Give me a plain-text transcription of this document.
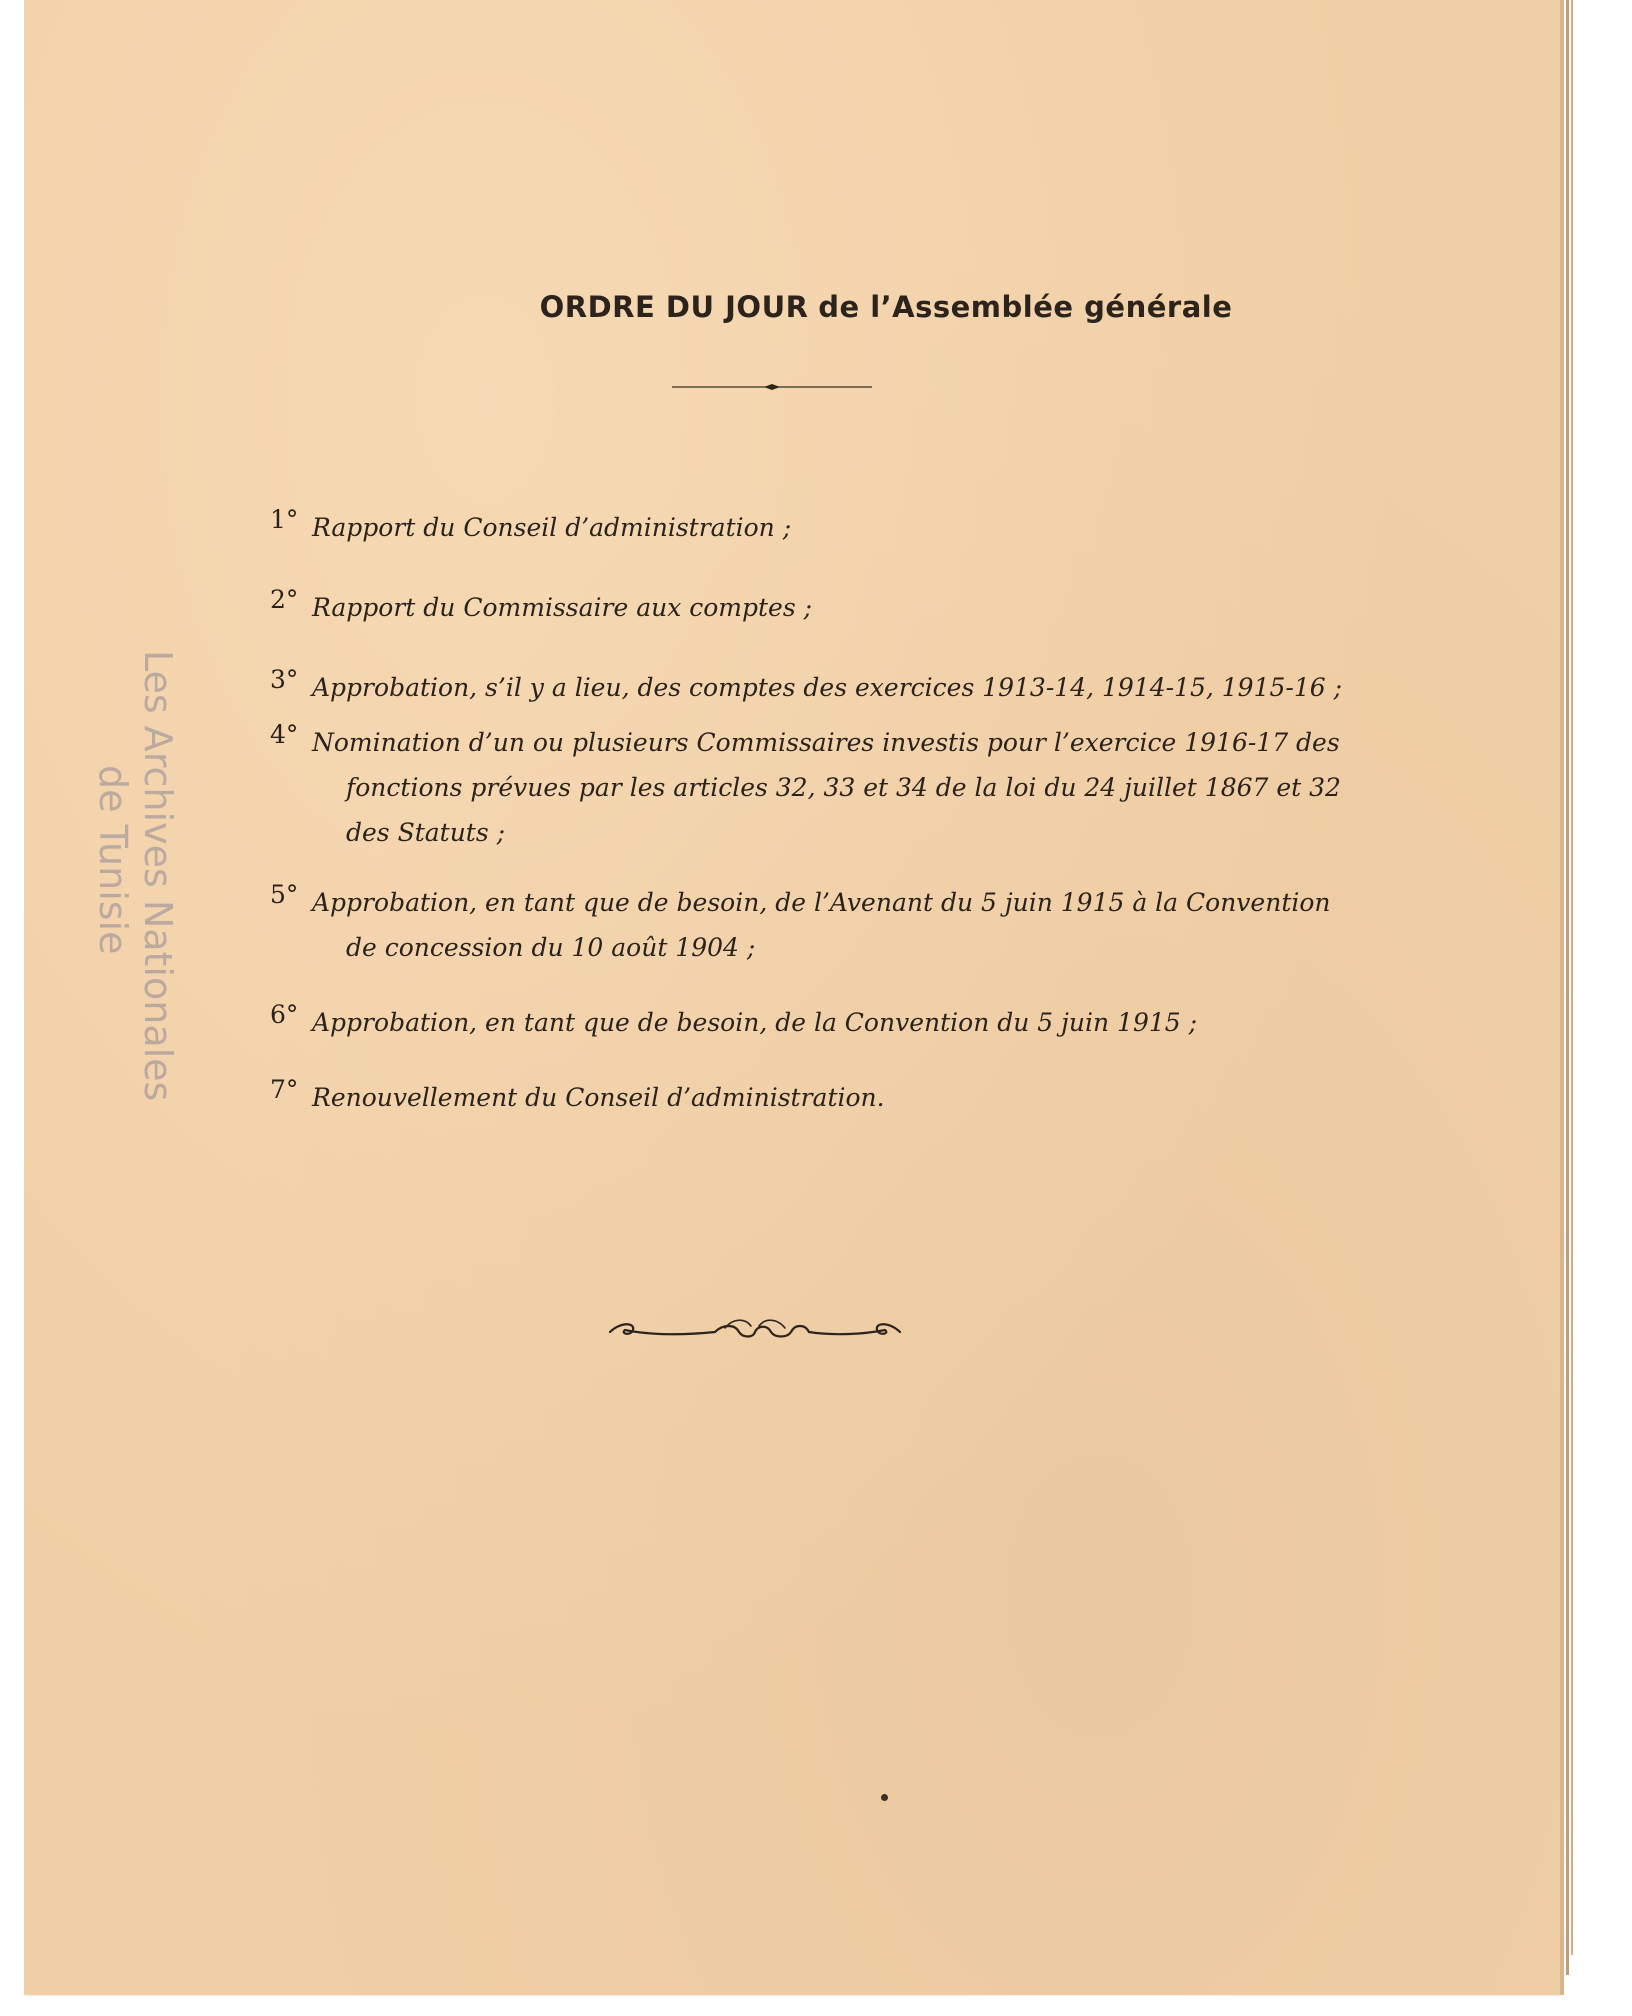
ORDRE DU JOUR de l’Assemblée générale
1° Rapport du Conseil d’administration ;
2° Rapport du Commissaire aux comptes ;
3° Approbation, s’il y a lieu, des comptes des exercices 1913-14, 1914-15, 1915-16 ;
4° Nomination d’un ou plusieurs Commissaires investis pour l’exercice 1916-17 des
fonctions prévues par les articles 32, 33 et 34 de la loi du 24 juillet 1867 et 32
des Statuts ;
5° Approbation, en tant que de besoin, de l’Avenant du 5 juin 1915 à la Convention
de concession du 10 août 1904 ;
6° Approbation, en tant que de besoin, de la Convention du 5 juin 1915 ;
7° Renouvellement du Conseil d’administration.
Les Archives Nationales
de Tunisie
